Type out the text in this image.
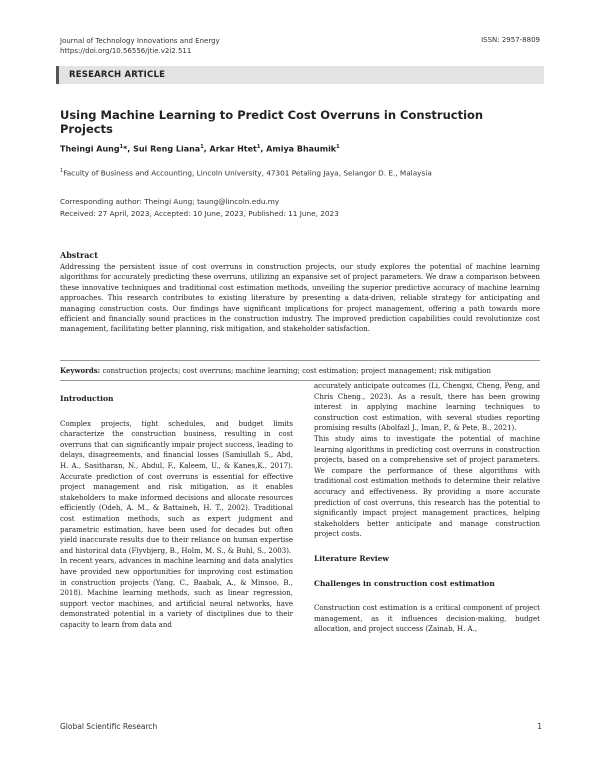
Journal of Technology Innovations and Energy
https://doi.org/10.56556/jtie.v2i2.511
ISSN: 2957-8809
RESEARCH ARTICLE
Using Machine Learning to Predict Cost Overruns in Construction Projects
Theingi Aung$^1$*, Sui Reng Liana$^1$, Arkar Htet$^1$, Amiya Bhaumik$^1$
$^1$Faculty of Business and Accounting, Lincoln University, 47301 Petaling Jaya, Selangor D. E., Malaysia
Corresponding author: Theingi Aung; taung@lincoln.edu.my
Received: 27 April, 2023, Accepted: 10 June, 2023, Published: 11 June, 2023
Abstract
Addressing the persistent issue of cost overruns in construction projects, our study explores the potential of machine learning algorithms for accurately predicting these overruns, utilizing an expansive set of project parameters. We draw a comparison between these innovative techniques and traditional cost estimation methods, unveiling the superior predictive accuracy of machine learning approaches. This research contributes to existing literature by presenting a data-driven, reliable strategy for anticipating and managing construction costs. Our findings have significant implications for project management, offering a path towards more efficient and financially sound practices in the construction industry. The improved prediction capabilities could revolutionize cost management, facilitating better planning, risk mitigation, and stakeholder satisfaction.
Keywords: construction projects; cost overruns; machine learning; cost estimation; project management; risk mitigation
Introduction

Complex projects, tight schedules, and budget limits characterize the construction business, resulting in cost overruns that can significantly impair project success, leading to delays, disagreements, and financial losses (Samiullah S., Abd, H. A., Sasitharan, N., Abdul, F., Kaleem, U., & Kanes,K., 2017). Accurate prediction of cost overruns is essential for effective project management and risk mitigation, as it enables stakeholders to make informed decisions and allocate resources efficiently (Odeh, A. M., & Battaineh, H. T., 2002). Traditional cost estimation methods, such as expert judgment and parametric estimation, have been used for decades but often yield inaccurate results due to their reliance on human expertise and historical data (Flyvbjerg, B., Holm, M. S., & Buhl, S., 2003).

In recent years, advances in machine learning and data analytics have provided new opportunities for improving cost estimation in construction projects (Yang, C., Baabak, A., & Minsoo, B., 2018). Machine learning methods, such as linear regression, support vector machines, and artificial neural networks, have demonstrated potential in a variety of disciplines due to their capacity to learn from data and

accurately anticipate outcomes (Li, Chengxi, Cheng, Peng, and Chris Cheng., 2023). As a result, there has been growing interest in applying machine learning techniques to construction cost estimation, with several studies reporting promising results (Abolfazl J., Iman, P., & Pete, B., 2021).

This study aims to investigate the potential of machine learning algorithms in predicting cost overruns in construction projects, based on a comprehensive set of project parameters. We compare the performance of these algorithms with traditional cost estimation methods to determine their relative accuracy and effectiveness. By providing a more accurate prediction of cost overruns, this research has the potential to significantly impact project management practices, helping stakeholders better anticipate and manage construction project costs.

Literature Review
Challenges in construction cost estimation

Construction cost estimation is a critical component of project management, as it influences decision-making, budget allocation, and project success (Zainab, H. A.,

Global Scientific Research	1
